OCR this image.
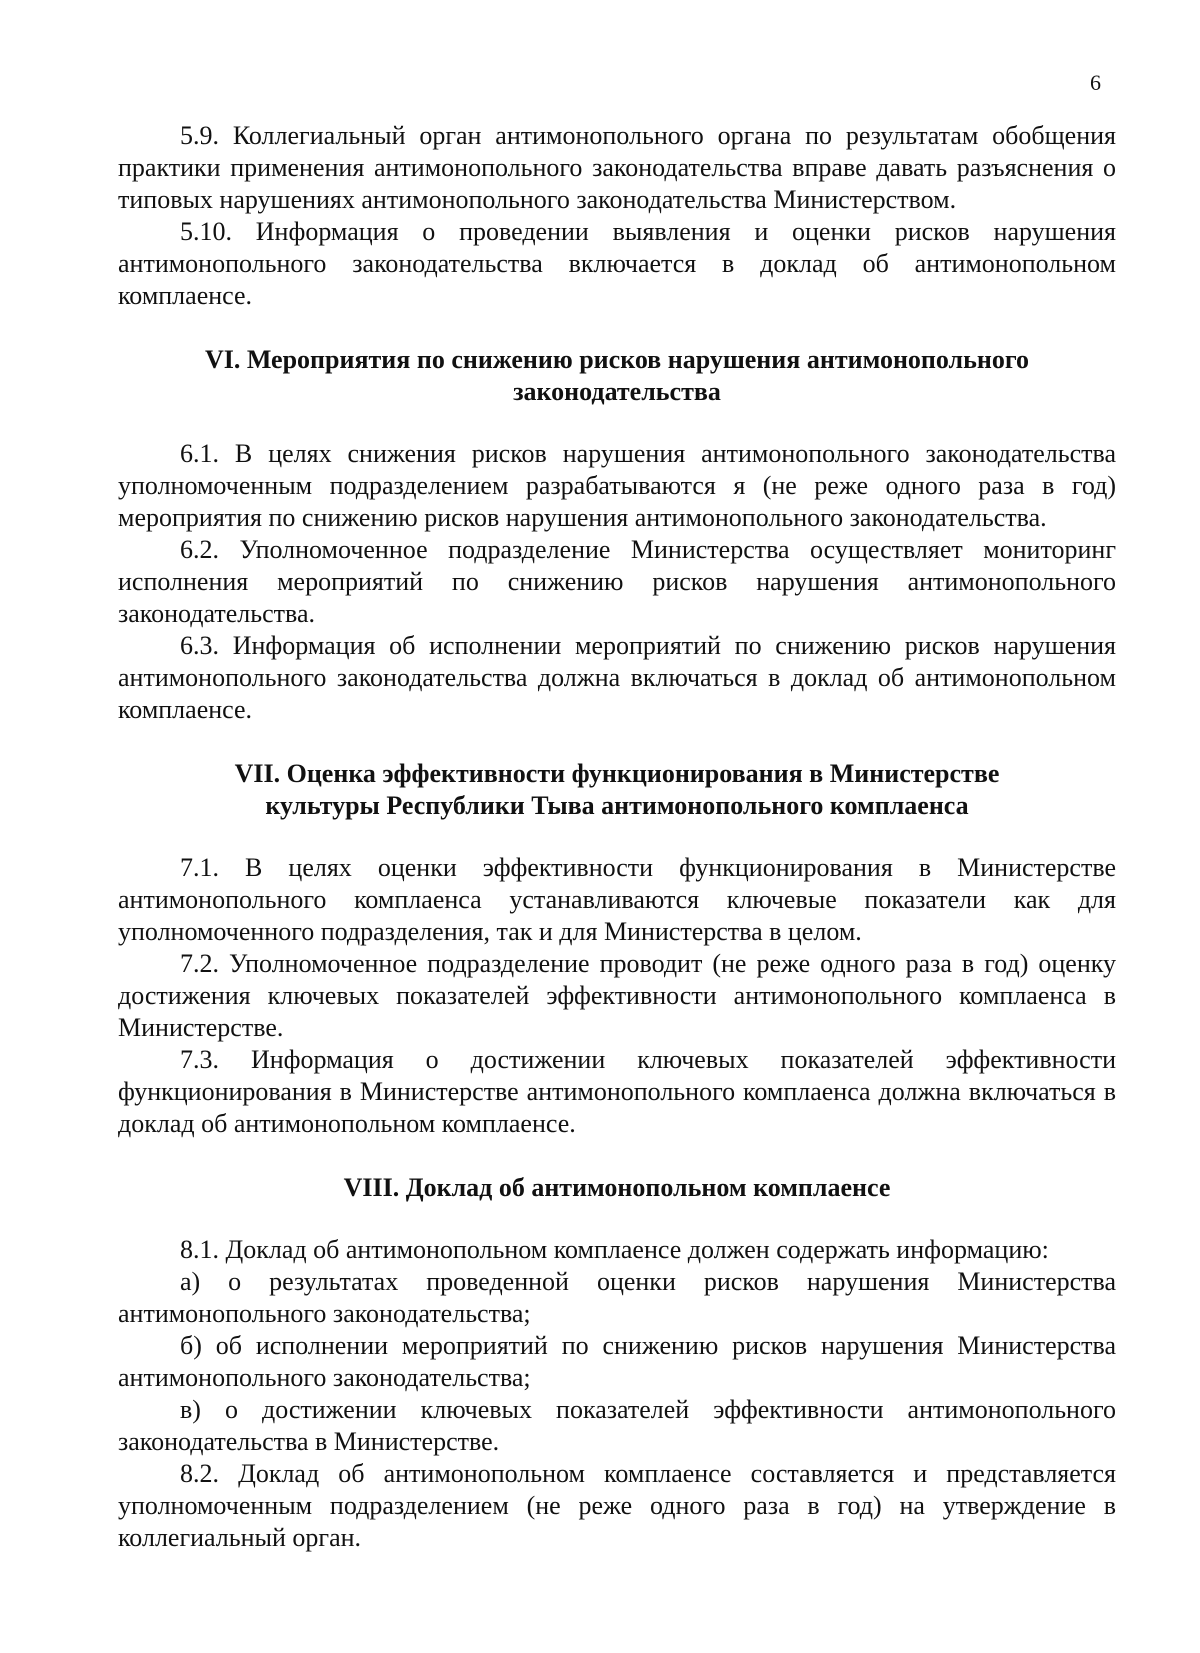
6

5.9. Коллегиальный орган антимонопольного органа по результатам обобщения практики применения антимонопольного законодательства вправе давать разъяснения о типовых нарушениях антимонопольного законодательства Министерством.

5.10. Информация о проведении выявления и оценки рисков нарушения антимонопольного законодательства включается в доклад об антимонопольном комплаенсе.

VI. Мероприятия по снижению рисков нарушения антимонопольного
законодательства

6.1. В целях снижения рисков нарушения антимонопольного законодательства уполномоченным подразделением разрабатываются я (не реже одного раза в год) мероприятия по снижению рисков нарушения антимонопольного законодательства.

6.2. Уполномоченное подразделение Министерства осуществляет мониторинг исполнения мероприятий по снижению рисков нарушения антимонопольного законодательства.

6.3. Информация об исполнении мероприятий по снижению рисков нарушения антимонопольного законодательства должна включаться в доклад об антимонопольном комплаенсе.

VII. Оценка эффективности функционирования в Министерстве
культуры Республики Тыва антимонопольного комплаенса

7.1. В целях оценки эффективности функционирования в Министерстве антимонопольного комплаенса устанавливаются ключевые показатели как для уполномоченного подразделения, так и для Министерства в целом.

7.2. Уполномоченное подразделение проводит (не реже одного раза в год) оценку достижения ключевых показателей эффективности антимонопольного комплаенса в Министерстве.

7.3. Информация о достижении ключевых показателей эффективности функционирования в Министерстве антимонопольного комплаенса должна включаться в доклад об антимонопольном комплаенсе.

VIII. Доклад об антимонопольном комплаенсе

8.1. Доклад об антимонопольном комплаенсе должен содержать информацию:

а) о результатах проведенной оценки рисков нарушения Министерства антимонопольного законодательства;

б) об исполнении мероприятий по снижению рисков нарушения Министерства антимонопольного законодательства;

в) о достижении ключевых показателей эффективности антимонопольного законодательства в Министерстве.

8.2. Доклад об антимонопольном комплаенсе составляется и представляется уполномоченным подразделением (не реже одного раза в год) на утверждение в коллегиальный орган.
